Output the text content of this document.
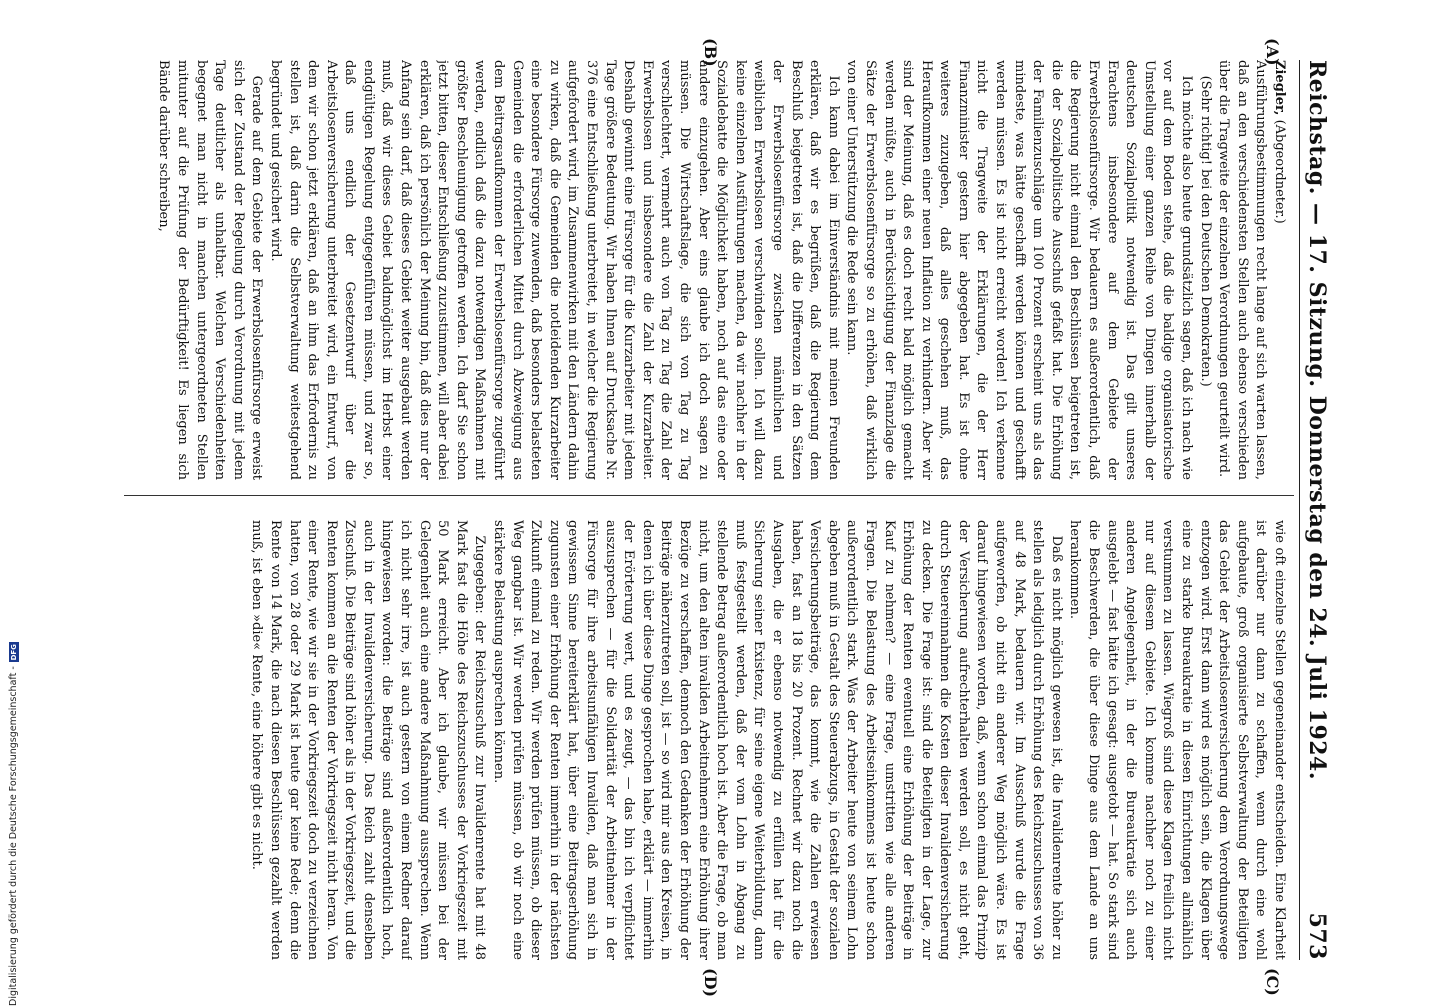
Reichstag. — 17. Sitzung. Donnerstag den 24. Juli 1924.
573
(A)
(B)
(C)
(D)

Ziegler, (Abgeordneter.)

Ausführungsbestimmungen recht lange auf sich warten lassen, daß an den verschiedensten Stellen auch ebenso verschieden über die Tragweite der einzelnen Verordnungen geurteilt wird.

(Sehr richtig! bei den Deutschen Demokraten.)

Ich möchte also heute grundsätzlich sagen, daß ich nach wie vor auf dem Boden stehe, daß die baldige organisatorische Umstellung einer ganzen Reihe von Dingen innerhalb der deutschen Sozialpolitik notwendig ist. Das gilt unseres Erachtens insbesondere auf dem Gebiete der Erwerbslosenfürsorge. Wir bedauern es außerordentlich, daß die Regierung nicht einmal den Beschlüssen beigetreten ist, die der Sozialpolitische Ausschuß gefaßt hat. Die Erhöhung der Familienzuschläge um 100 Prozent erscheint uns als das mindeste, was hätte geschafft werden können und geschafft werden müssen. Es ist nicht erreicht worden! Ich verkenne nicht die Tragweite der Erklärungen, die der Herr Finanzminister gestern hier abgegeben hat. Es ist ohne weiteres zuzugeben, daß alles geschehen muß, das Heraufkommen einer neuen Inflation zu verhindern. Aber wir sind der Meinung, daß es doch recht bald möglich gemacht werden müßte, auch in Berücksichtigung der Finanzlage die Sätze der Erwerbslosenfürsorge so zu erhöhen, daß wirklich von einer Unterstützung die Rede sein kann.

Ich kann dabei im Einverständnis mit meinen Freunden erklären, daß wir es begrüßen, daß die Regierung dem Beschluß beigetreten ist, daß die Differenzen in den Sätzen der Erwerbslosenfürsorge zwischen männlichen und weiblichen Erwerbslosen verschwinden sollen. Ich will dazu keine einzelnen Ausführungen machen, da wir nachher in der Sozialdebatte die Möglichkeit haben, noch auf das eine oder andere einzugehen. Aber eins glaube ich doch sagen zu müssen. Die Wirtschaftslage, die sich von Tag zu Tag verschlechtert, vermehrt auch von Tag zu Tag die Zahl der Erwerbslosen und insbesondere die Zahl der Kurzarbeiter. Deshalb gewinnt eine Fürsorge für die Kurzarbeiter mit jedem Tage größere Bedeutung. Wir haben Ihnen auf Drucksache Nr. 376 eine Entschließung unterbreitet, in welcher die Regierung aufgefordert wird, im Zusammenwirken mit den Ländern dahin zu wirken, daß die Gemeinden die notleidenden Kurzarbeiter eine besondere Fürsorge zuwenden, daß besonders belasteten Gemeinden die erforderlichen Mittel durch Abzweigung aus dem Beitragsaufkommen der Erwerbslosenfürsorge zugeführt werden, endlich daß die dazu notwendigen Maßnahmen mit größter Beschleunigung getroffen werden. Ich darf Sie schon jetzt bitten, dieser Entschließung zuzustimmen, will aber dabei erklären, daß ich persönlich der Meinung bin, daß dies nur der Anfang sein darf, daß dieses Gebiet weiter ausgebaut werden muß, daß wir dieses Gebiet baldmöglichst im Herbst einer endgültigen Regelung entgegenführen müssen, und zwar so, daß uns endlich der Gesetzentwurf über die Arbeitslosenversicherung unterbreitet wird, ein Entwurf, von dem wir schon jetzt erklären, daß an ihm das Erfordernis zu stellen ist, daß darin die Selbstverwaltung weitestgehend begründet und gesichert wird.

Gerade auf dem Gebiete der Erwerbslosenfürsorge erweist sich der Zustand der Regelung durch Verordnung mit jedem Tage deutlicher als unhaltbar. Welchen Verschiedenheiten begegnet man nicht in manchen untergeordneten Stellen mitunter auf die Prüfung der Bedürftigkeit! Es liegen sich Bände darüber schreiben,

wie oft einzelne Stellen gegeneinander entscheiden. Eine Klarheit ist darüber nur dann zu schaffen, wenn durch eine wohl aufgebaute, groß organisierte Selbstverwaltung der Beteiligten das Gebiet der Arbeitslosenversicherung dem Verordnungswege entzogen wird. Erst dann wird es möglich sein, die Klagen über eine zu starke Bureaukratie in diesen Einrichtungen allmählich verstummen zu lassen. Wiegroß sind diese Klagen freilich nicht nur auf diesem Gebiete. Ich komme nachher noch zu einer anderen Angelegenheit, in der die Bureaukratie sich auch ausgelebt — fast hätte ich gesagt: ausgetobt — hat. So stark sind die Beschwerden, die über diese Dinge aus dem Lande an uns herankommen.

Daß es nicht möglich gewesen ist, die Invalidenrente höher zu stellen als lediglich durch Erhöhung des Reichszuschusses von 36 auf 48 Mark, bedauern wir. Im Ausschuß wurde die Frage aufgeworfen, ob nicht ein anderer Weg möglich wäre. Es ist darauf hingewiesen worden, daß, wenn schon einmal das Prinzip der Versicherung aufrechterhalten werden soll, es nicht geht, durch Steuereinnahmen die Kosten dieser Invalidenversicherung zu decken. Die Frage ist: sind die Beteiligten in der Lage, zur Erhöhung der Renten eventuell eine Erhöhung der Beiträge in Kauf zu nehmen? — eine Frage, umstritten wie alle anderen Fragen. Die Belastung des Arbeitseinkommens ist heute schon außerordentlich stark. Was der Arbeiter heute von seinem Lohn abgeben muß in Gestalt des Steuerabzugs, in Gestalt der sozialen Versicherungsbeiträge, das kommt, wie die Zahlen erwiesen haben, fast an 18 bis 20 Prozent. Rechnet wir dazu noch die Ausgaben, die er ebenso notwendig zu erfüllen hat für die Sicherung seiner Existenz, für seine eigene Weiterbildung, dann muß festgestellt werden, daß der vom Lohn in Abgang zu stellende Betrag außerordentlich hoch ist. Aber die Frage, ob man nicht, um den alten invaliden Arbeitnehmern eine Erhöhung ihrer Bezüge zu verschaffen, dennoch den Gedanken der Erhöhung der Beiträge näherzutreten soll, ist — so wird mir aus den Kreisen, in denen ich über diese Dinge gesprochen habe, erklärt — immerhin der Erörterung wert, und es zeugt, — das bin ich verpflichtet auszusprechen — für die Solidarität der Arbeitnehmer in der Fürsorge für ihre arbeitsunfähigen Invaliden, daß man sich in gewissem Sinne bereiterklärt hat, über eine Beitragserhöhung zugunsten einer Erhöhung der Renten immerhin in der nächsten Zukunft einmal zu reden. Wir werden prüfen müssen, ob dieser Weg gangbar ist. Wir werden prüfen müssen, ob wir noch eine stärkere Belastung ausprechen können.

Zugegeben: der Reichszuschuß zur Invalidenrente hat mit 48 Mark fast die Höhe des Reichszuschusses der Vorkriegszeit mit 50 Mark erreicht. Aber ich glaube, wir müssen bei der Gelegenheit auch eine andere Maßnahmung aussprechen. Wenn ich nicht sehr irre, ist auch gestern von einem Redner darauf hingewiesen worden: die Beiträge sind außerordentlich hoch, auch in der Invalidenversicherung. Das Reich zahlt denselben Zuschuß. Die Beiträge sind höher als in der Vorkriegszeit, und die Renten kommen an die Renten der Vorkriegszeit nicht heran. Von einer Rente, wie wir sie in der Vorkriegszeit doch zu verzeichnen hatten, von 28 oder 29 Mark ist heute gar keine Rede; denn die Rente von 14 Mark, die nach diesen Beschlüssen gezahlt werden muß, ist eben »die« Rente, eine höhere gibt es nicht.

Digitalisierung gefördert durch die Deutsche Forschungsgemeinschaft -
DFG
